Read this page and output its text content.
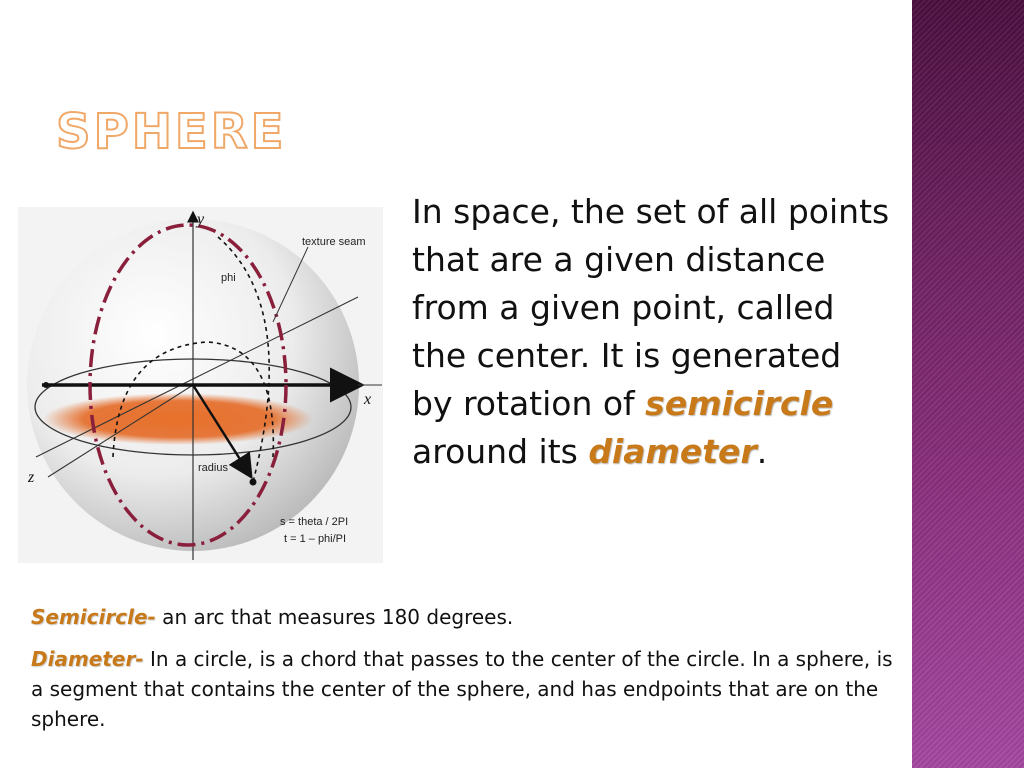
SPHERE
y
x
z
texture seam
phi
radius
s = theta / 2PI
t = 1 – phi/PI
In space, the set of all points that are a given distance from a given point, called the center. It is generated by rotation of semicircle around its diameter.

Semicircle- an arc that measures 180 degrees.

Diameter- In a circle, is a chord that passes to the center of the circle. In a sphere, is a segment that contains the center of the sphere, and has endpoints that are on the sphere.
